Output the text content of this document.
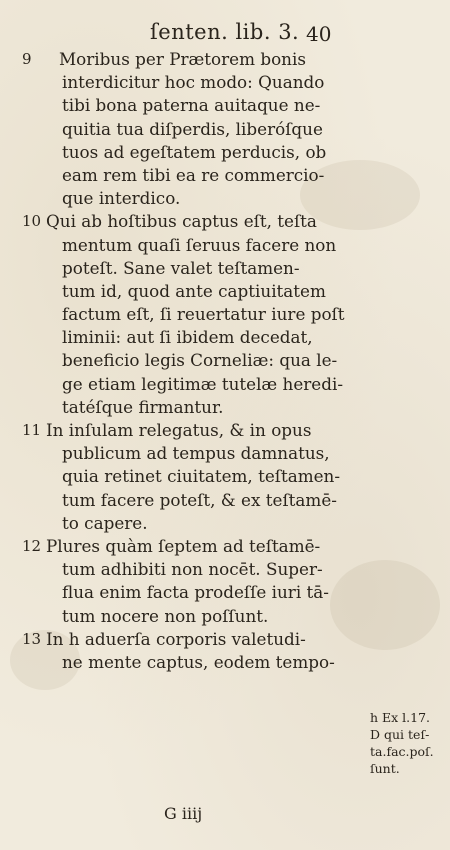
ſenten. lib. 3. 40
9 Moribus per Prætorem bonis
interdicitur hoc modo: Quando
tibi bona paterna auitaque ne-
quitia tua diſperdis, liberóſque
tuos ad egeſtatem perducis, ob
eam rem tibi ea re commercio-
que interdico.
10 Qui ab hoſtibus captus eſt, teſta
mentum quaſi ſeruus facere non
poteſt. Sane valet teſtamen-
tum id, quod ante captiuitatem
factum eſt, ſi reuertatur iure poſt
liminii: aut ſi ibidem decedat,
beneficio legis Corneliæ: qua le-
ge etiam legitimæ tutelæ heredi-
tatéſque firmantur.
11 In inſulam relegatus, & in opus
publicum ad tempus damnatus,
quia retinet ciuitatem, teſtamen-
tum facere poteſt, & ex teſtamē-
to capere.
12 Plures quàm ſeptem ad teſtamē-
tum adhibiti non nocēt. Super-
flua enim facta prodeſſe iuri tā-
tum nocere non poſſunt.
13 In h aduerſa corporis valetudi-
ne mente captus, eodem tempo-
G iiij
h Ex l.17.
D qui teſ-
ta.fac.poſ.
ſunt.
